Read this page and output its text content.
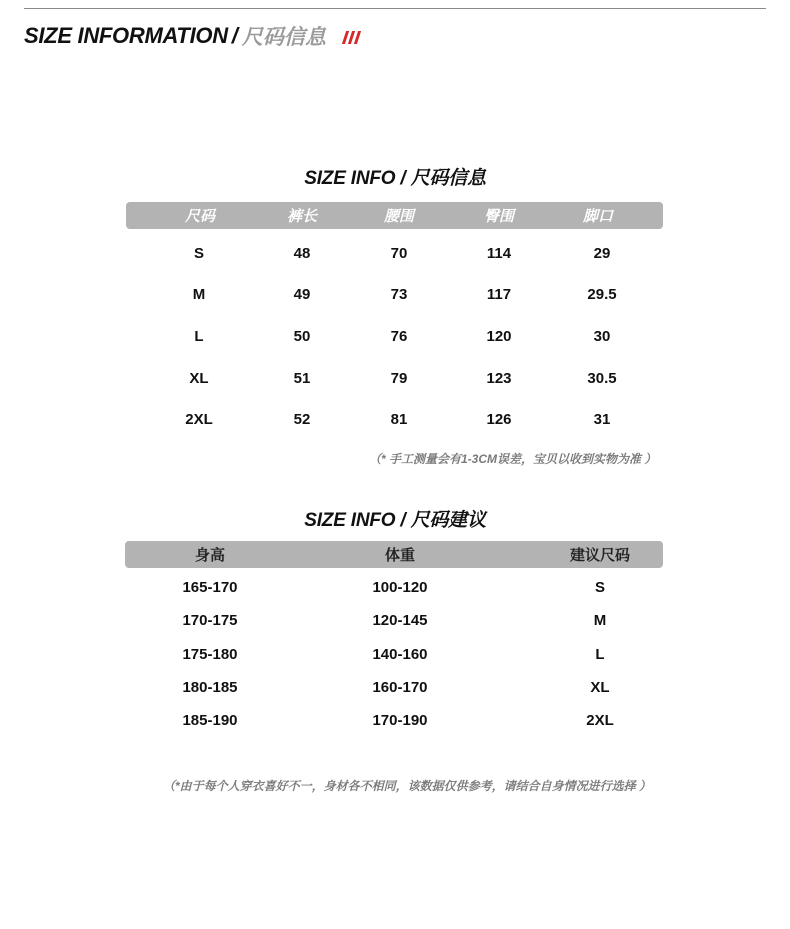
SIZE INFORMATION / 尺码信息
SIZE INFO / 尺码信息
尺码	裤长	腰围	臀围	脚口
S	48	70	114	29
M	49	73	117	29.5
L	50	76	120	30
XL	51	79	123	30.5
2XL	52	81	126	31
（* 手工测量会有1-3CM误差，宝贝以收到实物为准 ）
SIZE INFO / 尺码建议
身高	体重	建议尺码
165-170	100-120	S
170-175	120-145	M
175-180	140-160	L
180-185	160-170	XL
185-190	170-190	2XL
（*由于每个人穿衣喜好不一，身材各不相同，该数据仅供参考，请结合自身情况进行选择 ）
